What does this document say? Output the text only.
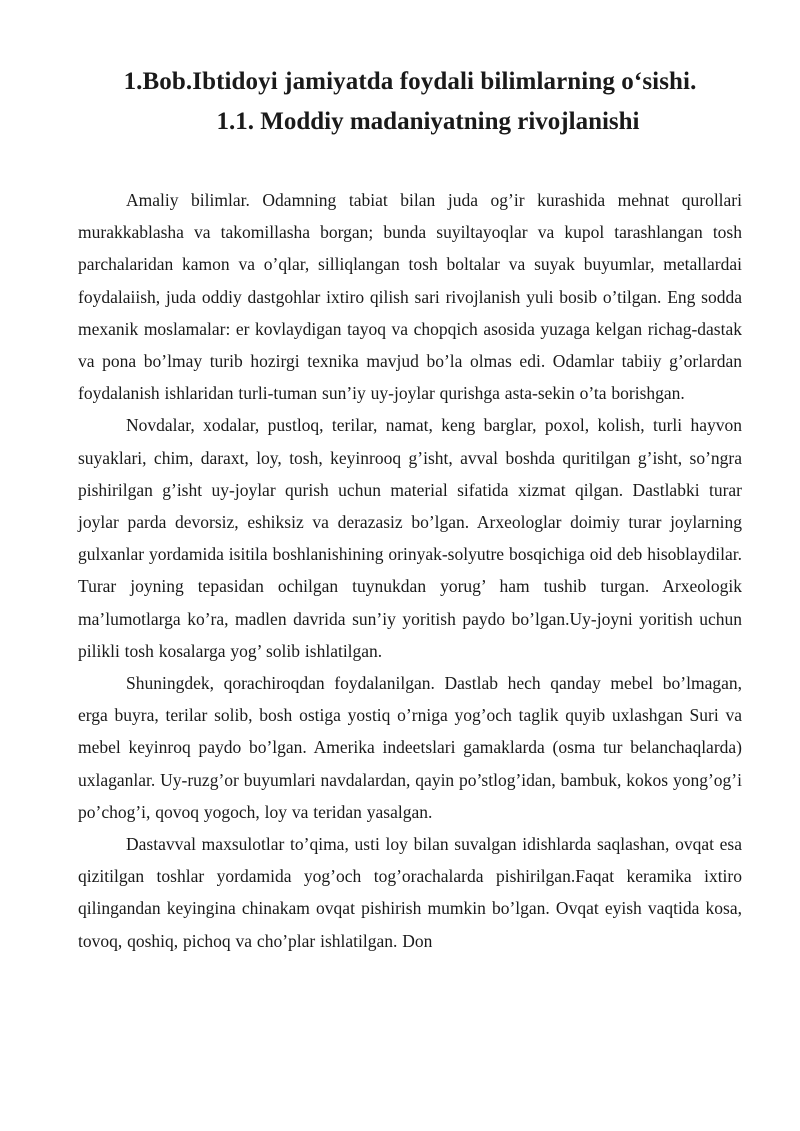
1.Bob.Ibtidoyi jamiyatda foydali bilimlarning o‘sishi.
1.1. Moddiy madaniyatning rivojlanishi

Amaliy bilimlar. Odamning tabiat bilan juda og’ir kurashida mehnat qurollari murakkablasha va takomillasha borgan; bunda suyiltayoqlar va kupol tarashlangan tosh parchalaridan kamon va o’qlar, silliqlangan tosh boltalar va suyak buyumlar, metallardai foydalaiish, juda oddiy dastgohlar ixtiro qilish sari rivojlanish yuli bosib o’tilgan. Eng sodda mexanik moslamalar: er kovlaydigan tayoq va chopqich asosida yuzaga kelgan richag-dastak va pona bo’lmay turib hozirgi texnika mavjud bo’la olmas edi. Odamlar tabiiy g’orlardan foydalanish ishlaridan turli-tuman sun’iy uy-joylar qurishga asta-sekin o’ta borishgan.

Novdalar, xodalar, pustloq, terilar, namat, keng barglar, poxol, kolish, turli hayvon suyaklari, chim, daraxt, loy, tosh, keyinrooq g’isht, avval boshda quritilgan g’isht, so’ngra pishirilgan g’isht uy-joylar qurish uchun material sifatida xizmat qilgan. Dastlabki turar joylar parda devorsiz, eshiksiz va derazasiz bo’lgan. Arxeologlar doimiy turar joylarning gulxanlar yordamida isitila boshlanishining orinyak-solyutre bosqichiga oid deb hisoblaydilar. Turar joyning tepasidan ochilgan tuynukdan yorug’ ham tushib turgan. Arxeologik ma’lumotlarga ko’ra, madlen davrida sun’iy yoritish paydo bo’lgan.Uy-joyni yoritish uchun pilikli tosh kosalarga yog’ solib ishlatilgan.

Shuningdek, qorachiroqdan foydalanilgan. Dastlab hech qanday mebel bo’lmagan, erga buyra, terilar solib, bosh ostiga yostiq o’rniga yog’och taglik quyib uxlashgan Suri va mebel keyinroq paydo bo’lgan. Amerika indeetslari gamaklarda (osma tur belanchaqlarda) uxlaganlar. Uy-ruzg’or buyumlari navdalardan, qayin po’stlog’idan, bambuk, kokos yong’og’i po’chog’i, qovoq yogoch, loy va teridan yasalgan.

Dastavval maxsulotlar to’qima, usti loy bilan suvalgan idishlarda saqlashan, ovqat esa qizitilgan toshlar yordamida yog’och tog’orachalarda pishirilgan.Faqat keramika ixtiro qilingandan keyingina chinakam ovqat pishirish mumkin bo’lgan. Ovqat eyish vaqtida kosa, tovoq, qoshiq, pichoq va cho’plar ishlatilgan. Don
